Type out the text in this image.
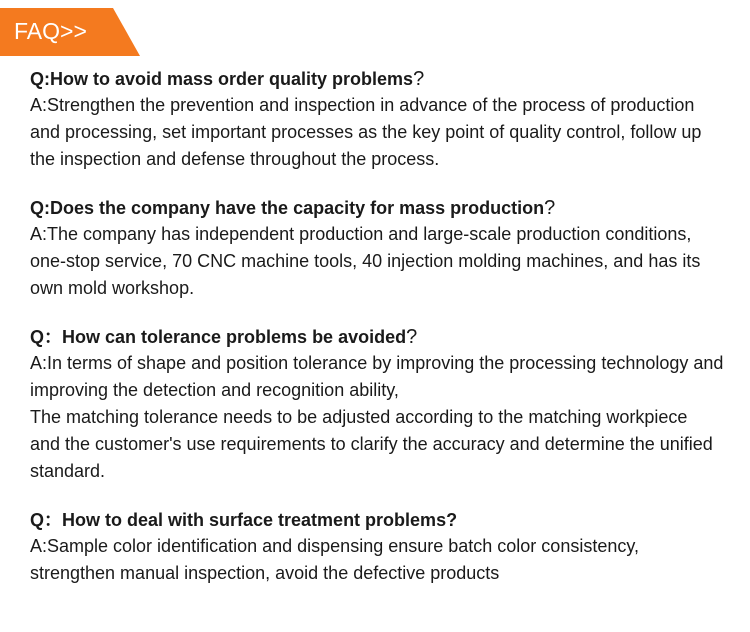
FAQ>>
Q:How to avoid mass order quality problems?

A:Strengthen the prevention and inspection in advance of the process of production
and processing, set important processes as the key point of quality control, follow up
the inspection and defense throughout the process.

Q:Does the company have the capacity for mass production?

A:The company has independent production and large-scale production conditions,
one-stop service, 70 CNC machine tools, 40 injection molding machines, and has its
own mold workshop.

Q：How can tolerance problems be avoided?

A:In terms of shape and position tolerance by improving the processing technology and
improving the detection and recognition ability,
The matching tolerance needs to be adjusted according to the matching workpiece
and the customer's use requirements to clarify the accuracy and determine the unified
standard.

Q：How to deal with surface treatment problems?

A:Sample color identification and dispensing ensure batch color consistency,
strengthen manual inspection, avoid the defective products
